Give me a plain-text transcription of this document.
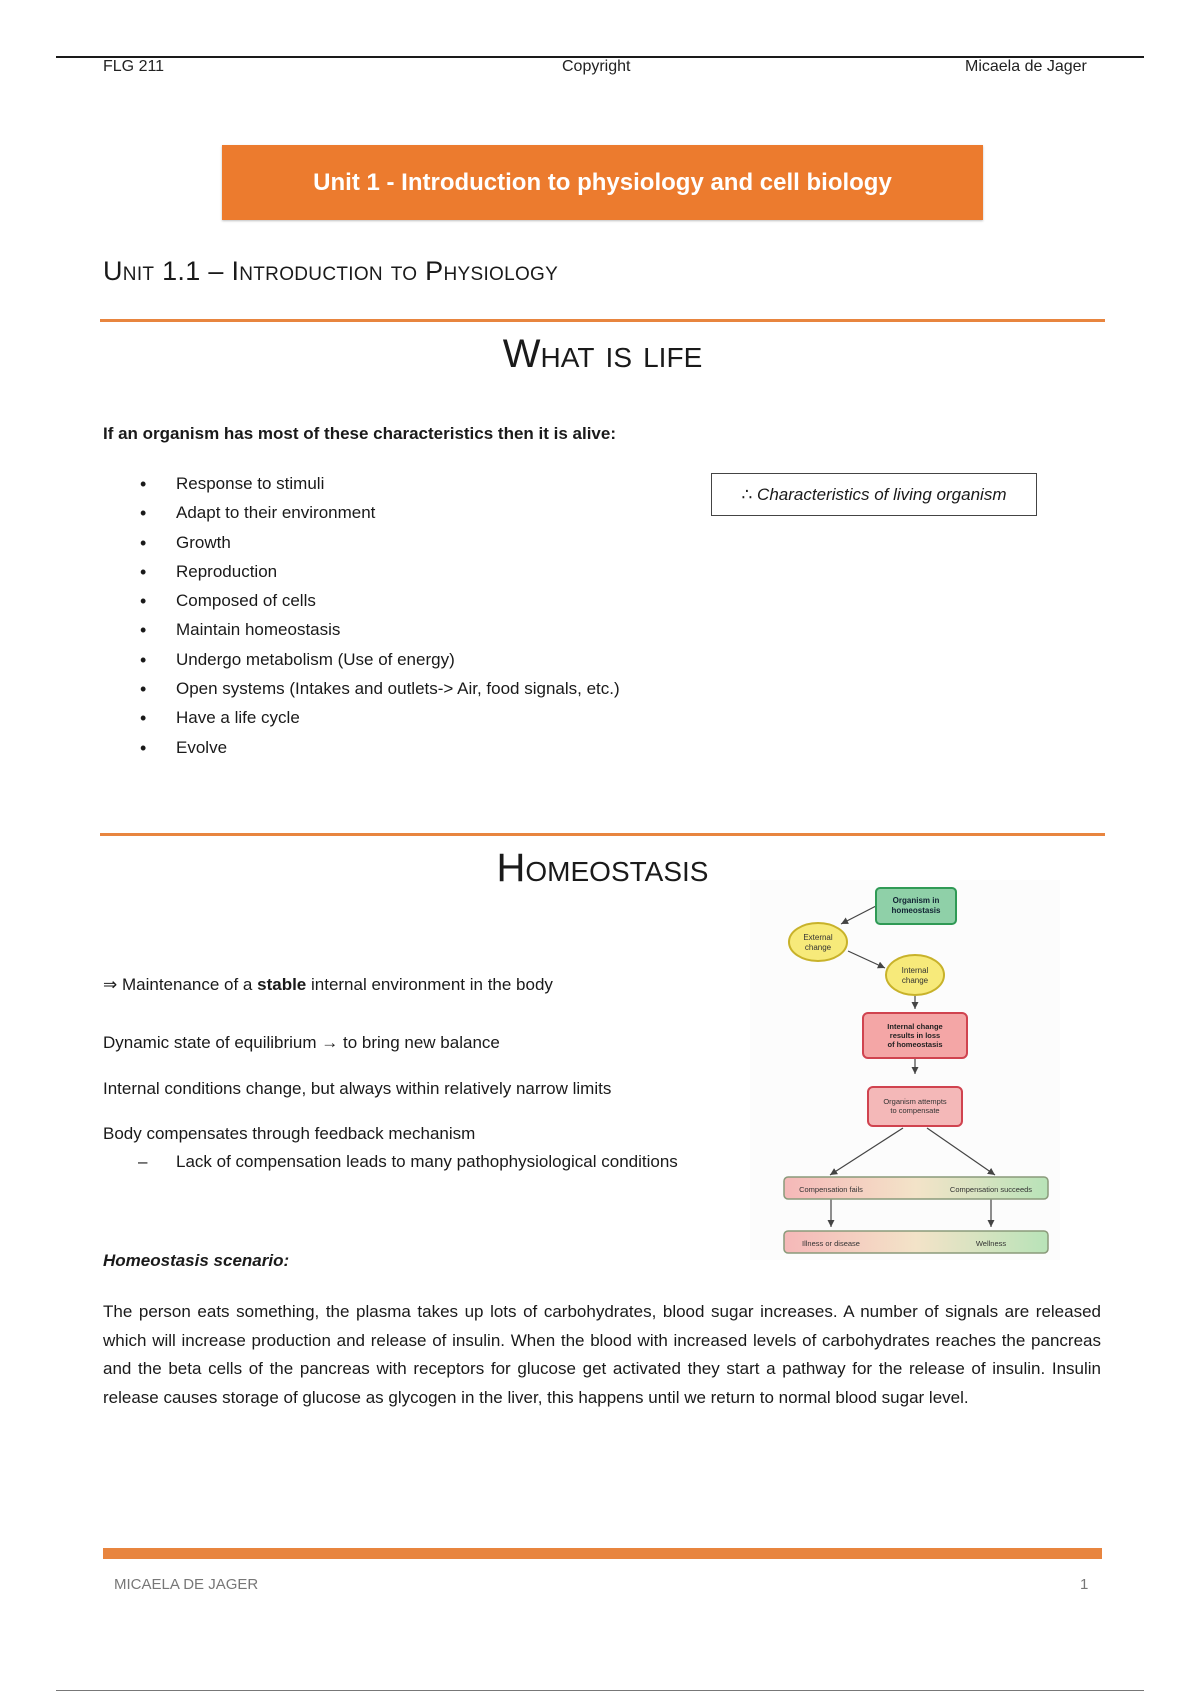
FLG 211	Copyright	Micaela de Jager
Unit 1 - Introduction to physiology and cell biology
Unit 1.1 – Introduction to Physiology
What is life
If an organism has most of these characteristics then it is alive:
• Response to stimuli
• Adapt to their environment
• Growth
• Reproduction
• Composed of cells
• Maintain homeostasis
• Undergo metabolism (Use of energy)
• Open systems (Intakes and outlets-> Air, food signals, etc.)
• Have a life cycle
• Evolve
∴ Characteristics of living organism
Homeostasis
⇒ Maintenance of a stable internal environment in the body
Dynamic state of equilibrium → to bring new balance
Internal conditions change, but always within relatively narrow limits
Body compensates through feedback mechanism
– Lack of compensation leads to many pathophysiological conditions
Organism in
homeostasis
External
change
Internal
change
Internal change
results in loss
of homeostasis
Organism attempts
to compensate
Compensation fails	Compensation succeeds
Illness or disease	Wellness
Homeostasis scenario:

The person eats something, the plasma takes up lots of carbohydrates, blood sugar increases. A number of signals are released which will increase production and release of insulin. When the blood with increased levels of carbohydrates reaches the pancreas and the beta cells of the pancreas with receptors for glucose get activated they start a pathway for the release of insulin. Insulin release causes storage of glucose as glycogen in the liver, this happens until we return to normal blood sugar level.

MICAELA DE JAGER	1
